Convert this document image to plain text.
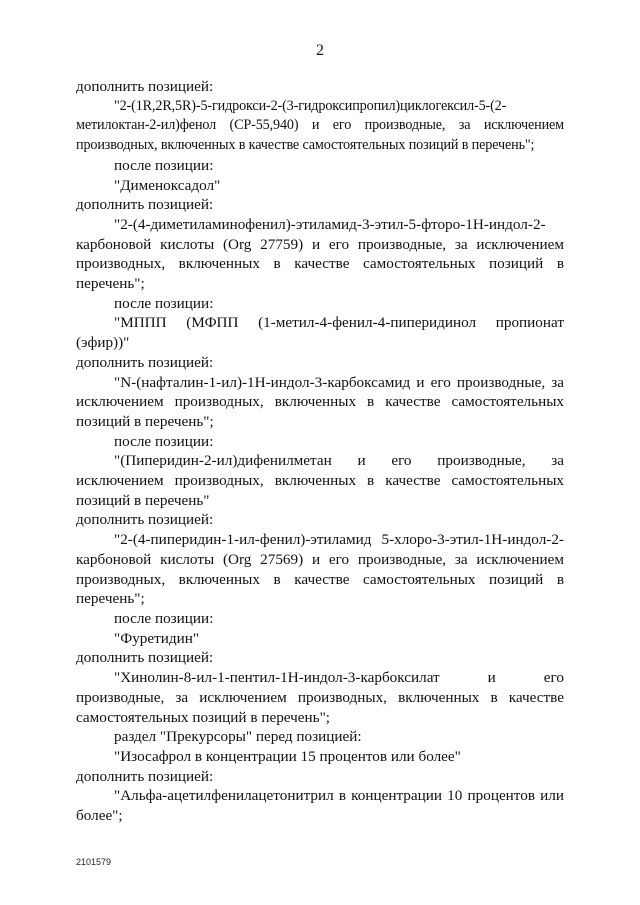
2

дополнить позицией:

"2-(1R,2R,5R)-5-гидрокси-2-(3-гидроксипропил)циклогексил-5-(2-метилоктан-2-ил)фенол (СР-55,940) и его производные, за исключением производных, включенных в качестве самостоятельных позиций в перечень";

после позиции:

"Дименоксадол"

дополнить позицией:

"2-(4-диметиламинофенил)-этиламид-3-этил-5-фторо-1Н-индол-2-карбоновой кислоты (Org 27759) и его производные, за исключением производных, включенных в качестве самостоятельных позиций в перечень";

после позиции:

"МППП (МФПП (1-метил-4-фенил-4-пиперидинол пропионат (эфир))"

дополнить позицией:

"N-(нафталин-1-ил)-1Н-индол-3-карбоксамид и его производные, за исключением производных, включенных в качестве самостоятельных позиций в перечень";

после позиции:

"(Пиперидин-2-ил)дифенилметан и его производные, за исключением производных, включенных в качестве самостоятельных позиций в перечень"

дополнить позицией:

"2-(4-пиперидин-1-ил-фенил)-этиламид 5-хлоро-3-этил-1Н-индол-2-карбоновой кислоты (Org 27569) и его производные, за исключением производных, включенных в качестве самостоятельных позиций в перечень";

после позиции:

"Фуретидин"

дополнить позицией:

"Хинолин-8-ил-1-пентил-1Н-индол-3-карбоксилат и его производные, за исключением производных, включенных в качестве самостоятельных позиций в перечень";

раздел "Прекурсоры" перед позицией:

"Изосафрол в концентрации 15 процентов или более"

дополнить позицией:

"Альфа-ацетилфенилацетонитрил в концентрации 10 процентов или более";

2101579
